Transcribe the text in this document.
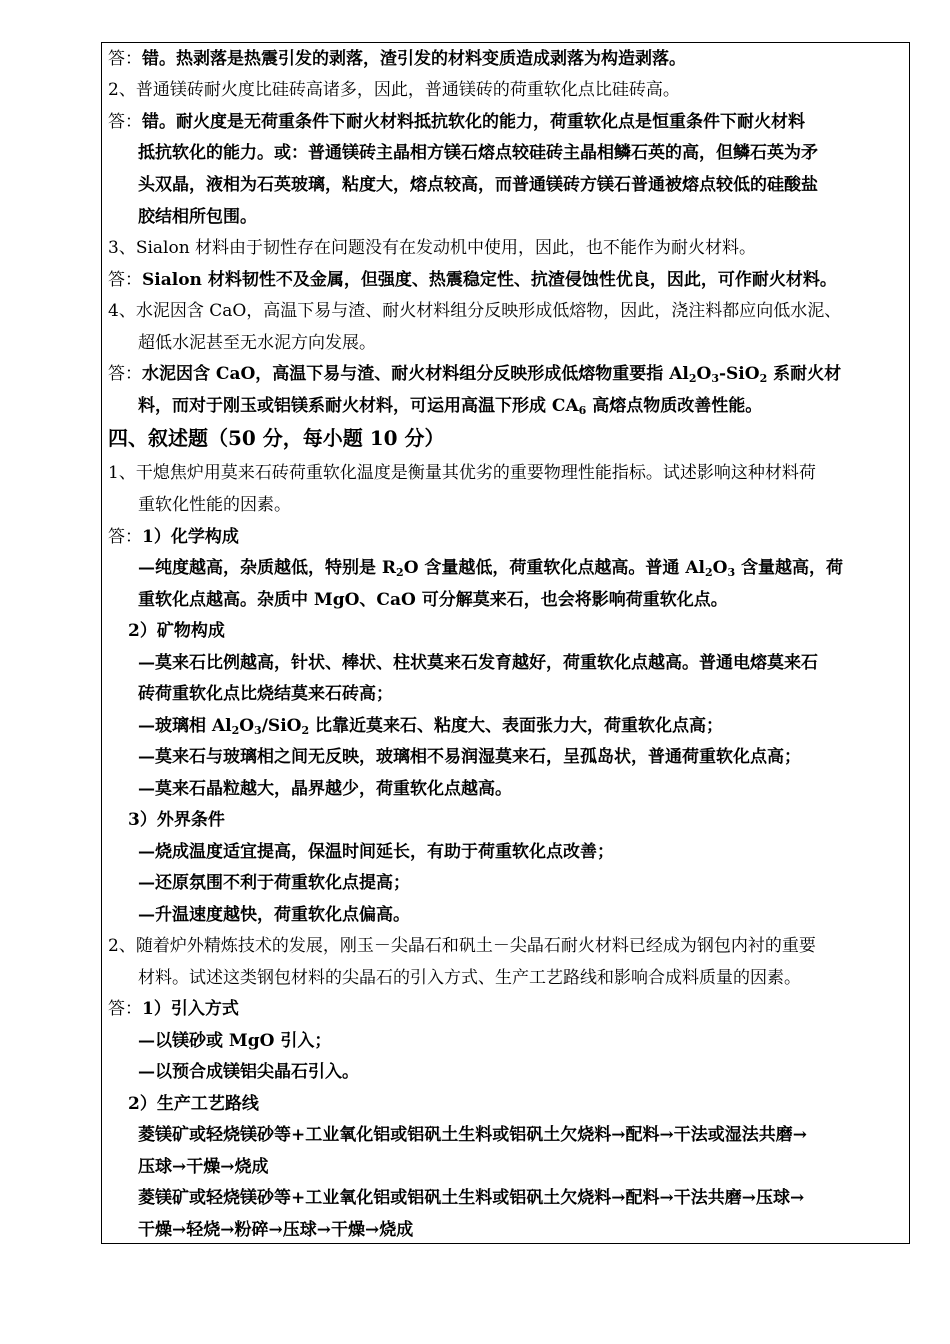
答：错。热剥落是热震引发的剥落，渣引发的材料变质造成剥落为构造剥落。
2、普通镁砖耐火度比硅砖高诸多，因此，普通镁砖的荷重软化点比硅砖高。
答：错。耐火度是无荷重条件下耐火材料抵抗软化的能力，荷重软化点是恒重条件下耐火材料
抵抗软化的能力。或：普通镁砖主晶相方镁石熔点较硅砖主晶相鳞石英的高，但鳞石英为矛
头双晶，液相为石英玻璃，粘度大，熔点较高，而普通镁砖方镁石普通被熔点较低的硅酸盐
胶结相所包围。
3、Sialon 材料由于韧性存在问题没有在发动机中使用，因此，也不能作为耐火材料。
答：Sialon 材料韧性不及金属，但强度、热震稳定性、抗渣侵蚀性优良，因此，可作耐火材料。
4、水泥因含 CaO，高温下易与渣、耐火材料组分反映形成低熔物，因此，浇注料都应向低水泥、
超低水泥甚至无水泥方向发展。
答：水泥因含 CaO，高温下易与渣、耐火材料组分反映形成低熔物重要指 $Al_2O_3-SiO_2$ 系耐火材
料，而对于刚玉或铝镁系耐火材料，可运用高温下形成 $CA_6$ 高熔点物质改善性能。
四、叙述题（50 分，每小题 10 分）
1、干熄焦炉用莫来石砖荷重软化温度是衡量其优劣的重要物理性能指标。试述影响这种材料荷
重软化性能的因素。
答：1）化学构成
—纯度越高，杂质越低，特别是 $R_2O$ 含量越低，荷重软化点越高。普通 $Al_2O_3$ 含量越高，荷
重软化点越高。杂质中 MgO、CaO 可分解莫来石，也会将影响荷重软化点。
2）矿物构成
—莫来石比例越高，针状、棒状、柱状莫来石发育越好，荷重软化点越高。普通电熔莫来石
砖荷重软化点比烧结莫来石砖高；
—玻璃相 $Al_2O_3/SiO_2$ 比靠近莫来石、粘度大、表面张力大，荷重软化点高；
—莫来石与玻璃相之间无反映，玻璃相不易润湿莫来石，呈孤岛状，普通荷重软化点高；
—莫来石晶粒越大，晶界越少，荷重软化点越高。
3）外界条件
—烧成温度适宜提高，保温时间延长，有助于荷重软化点改善；
—还原氛围不利于荷重软化点提高；
—升温速度越快，荷重软化点偏高。
2、随着炉外精炼技术的发展，刚玉－尖晶石和矾土－尖晶石耐火材料已经成为钢包内衬的重要
材料。试述这类钢包材料的尖晶石的引入方式、生产工艺路线和影响合成料质量的因素。
答：1）引入方式
—以镁砂或 MgO 引入；
—以预合成镁铝尖晶石引入。
2）生产工艺路线
菱镁矿或轻烧镁砂等+工业氧化铝或铝矾土生料或铝矾土欠烧料→配料→干法或湿法共磨→
压球→干燥→烧成
菱镁矿或轻烧镁砂等+工业氧化铝或铝矾土生料或铝矾土欠烧料→配料→干法共磨→压球→
干燥→轻烧→粉碎→压球→干燥→烧成
